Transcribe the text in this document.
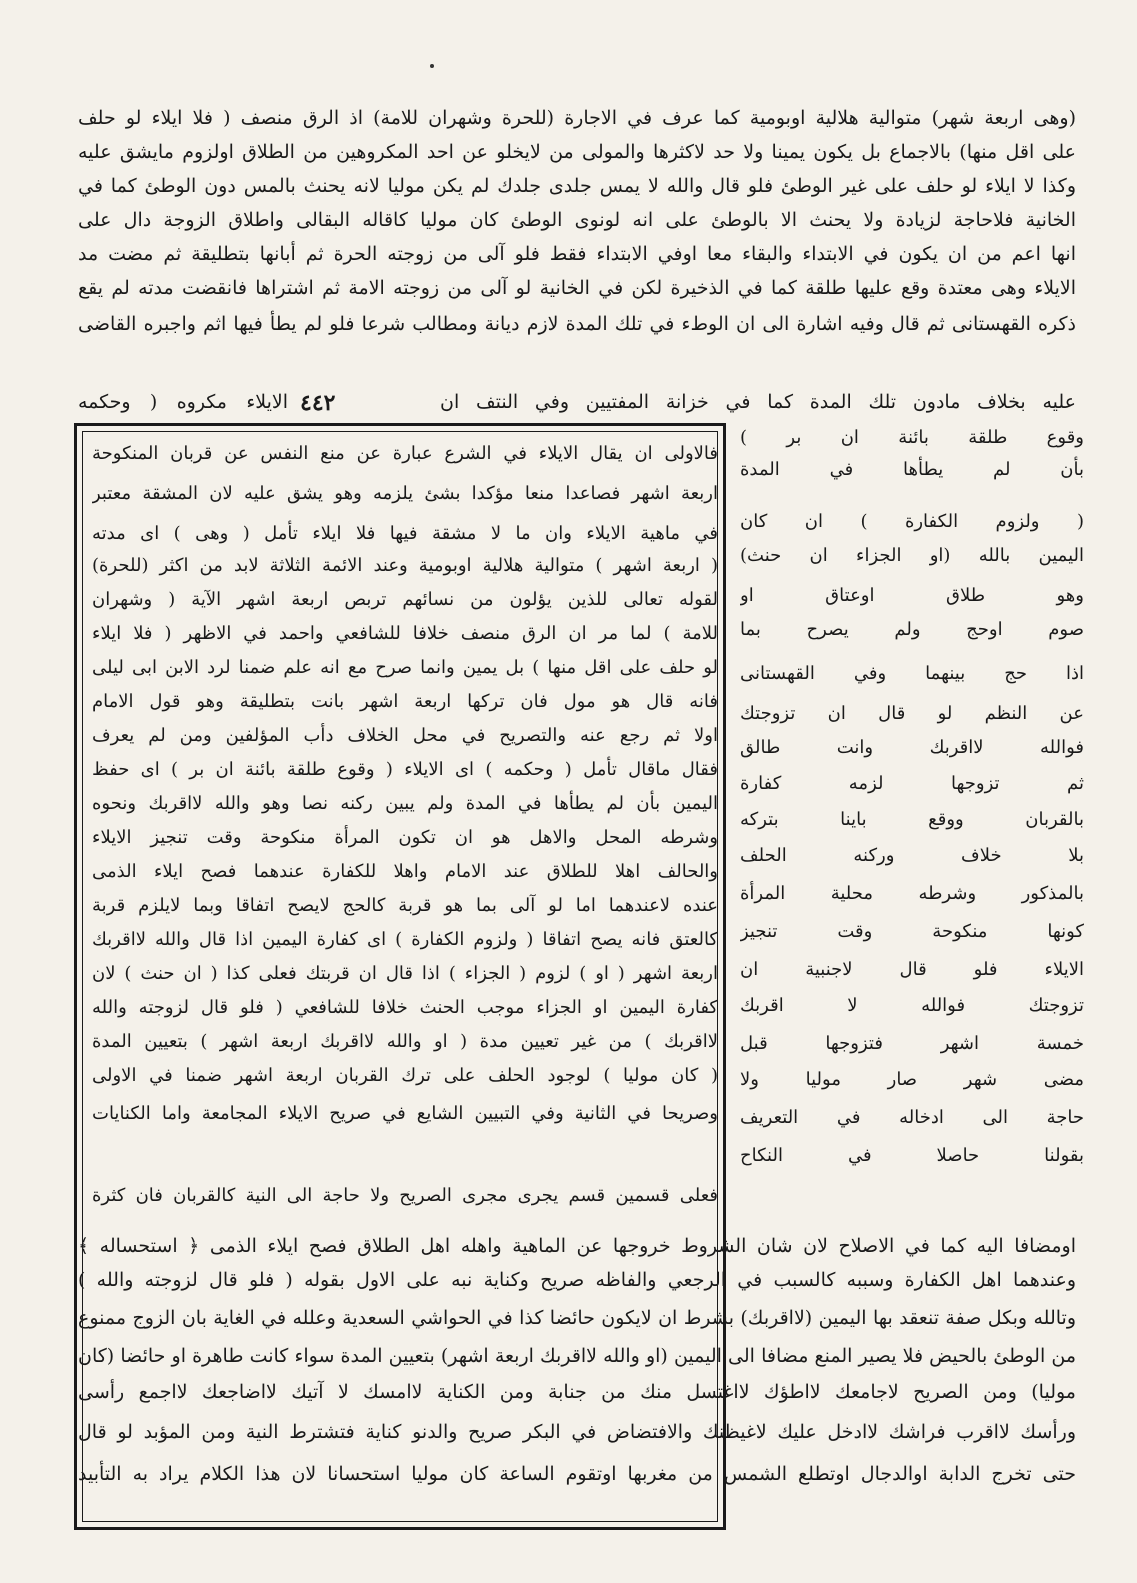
(وهى اربعة شهر) متوالية هلالية اوبومية كما عرف في الاجارة (للحرة وشهران للامة) اذ الرق منصف ( فلا ايلاء لو حلف
على اقل منها) بالاجماع بل يكون يمينا ولا حد لاكثرها والمولى من لايخلو عن احد المكروهين من الطلاق اولزوم مايشق عليه
وكذا لا ايلاء لو حلف على غير الوطئ فلو قال والله لا يمس جلدى جلدك لم يكن موليا لانه يحنث بالمس دون الوطئ كما في
الخانية فلاحاجة لزيادة ولا يحنث الا بالوطئ على انه لونوى الوطئ كان موليا كاقاله البقالى واطلاق الزوجة دال على
انها اعم من ان يكون في الابتداء والبقاء معا اوفي الابتداء فقط فلو آلى من زوجته الحرة ثم أبانها بتطليقة ثم مضت مد
الايلاء وهى معتدة وقع عليها طلقة كما في الذخيرة لكن في الخانية لو آلى من زوجته الامة ثم اشتراها فانقضت مدته لم يقع
ذكره القهستانى ثم قال وفيه اشارة الى ان الوطء في تلك المدة لازم ديانة ومطالب شرعا فلو لم يطأ فيها اثم واجبره القاضى
عليه بخلاف مادون تلك المدة كما في خزانة المفتيين وفي النتف ان
٤٤٢
الايلاء مكروه ( وحكمه
فالاولى ان يقال الايلاء في الشرع عبارة عن منع النفس عن قربان المنكوحة
اربعة اشهر فصاعدا منعا مؤكدا بشئ يلزمه وهو يشق عليه لان المشقة معتبر
في ماهية الايلاء وان ما لا مشقة فيها فلا ايلاء تأمل ( وهى ) اى مدته
( اربعة اشهر ) متوالية هلالية اوبومية وعند الائمة الثلاثة لابد من اكثر (للحرة)
لقوله تعالى للذين يؤلون من نسائهم تربص اربعة اشهر الآية ( وشهران
للامة ) لما مر ان الرق منصف خلافا للشافعي واحمد في الاظهر ( فلا ايلاء
لو حلف على اقل منها ) بل يمين وانما صرح مع انه علم ضمنا لرد الابن ابى ليلى
فانه قال هو مول فان تركها اربعة اشهر بانت بتطليقة وهو قول الامام
اولا ثم رجع عنه والتصريح في محل الخلاف دأب المؤلفين ومن لم يعرف
فقال ماقال تأمل ( وحكمه ) اى الايلاء ( وقوع طلقة بائنة ان بر ) اى حفظ
اليمين بأن لم يطأها في المدة ولم يبين ركنه نصا وهو والله لااقربك ونحوه
وشرطه المحل والاهل هو ان تكون المرأة منكوحة وقت تنجيز الايلاء
والحالف اهلا للطلاق عند الامام واهلا للكفارة عندهما فصح ايلاء الذمى
عنده لاعندهما اما لو آلى بما هو قربة كالحج لايصح اتفاقا وبما لايلزم قربة
كالعتق فانه يصح اتفاقا ( ولزوم الكفارة ) اى كفارة اليمين اذا قال والله لااقربك
اربعة اشهر ( او ) لزوم ( الجزاء ) اذا قال ان قربتك فعلى كذا ( ان حنث ) لان
كفارة اليمين او الجزاء موجب الحنث خلافا للشافعي ( فلو قال لزوجته والله
لااقربك ) من غير تعيين مدة ( او والله لااقربك اربعة اشهر ) بتعيين المدة
( كان موليا ) لوجود الحلف على ترك القربان اربعة اشهر ضمنا في الاولى
وصريحا في الثانية وفي التبيين الشايع في صريح الايلاء المجامعة واما الكنايات
فعلى قسمين قسم يجرى مجرى الصريح ولا حاجة الى النية كالقربان فان كثرة
وقوع طلقة بائنة ان بر )
بأن لم يطأها في المدة
( ولزوم الكفارة ) ان كان
اليمين بالله (او الجزاء ان حنث)
وهو طلاق اوعتاق او
صوم اوحج ولم يصرح بما
اذا حج بينهما وفي القهستانى
عن النظم لو قال ان تزوجتك
فوالله لااقربك وانت طالق
ثم تزوجها لزمه كفارة
بالقربان ووقع باينا بتركه
بلا خلاف وركنه الحلف
بالمذكور وشرطه محلية المرأة
كونها منكوحة وقت تنجيز
الايلاء فلو قال لاجنبية ان
تزوجتك فوالله لا اقربك
خمسة اشهر فتزوجها قبل
مضى شهر صار موليا ولا
حاجة الى ادخاله في التعريف
بقولنا حاصلا في النكاح
اومضافا اليه كما في الاصلاح لان شان الشروط خروجها عن الماهية واهله اهل الطلاق فصح ايلاء الذمى ﴿ استحساله ﴾
وعندهما اهل الكفارة وسببه كالسبب في الرجعي والفاظه صريح وكناية نبه على الاول بقوله ( فلو قال لزوجته والله )
وتالله وبكل صفة تنعقد بها اليمين (لااقربك) بشرط ان لايكون حائضا كذا في الحواشي السعدية وعلله في الغاية بان الزوج ممنوع
من الوطئ بالحيض فلا يصير المنع مضافا الى اليمين (او والله لااقربك اربعة اشهر) بتعيين المدة سواء كانت طاهرة او حائضا (كان
موليا) ومن الصريح لاجامعك لااطؤك لااغتسل منك من جنابة ومن الكناية لاامسك لا آتيك لااضاجعك لااجمع رأسى
ورأسك لااقرب فراشك لاادخل عليك لاغيظنك والافتضاض في البكر صريح والدنو كناية فتشترط النية ومن المؤبد لو قال
حتى تخرج الدابة اوالدجال اوتطلع الشمس من مغربها اوتقوم الساعة كان موليا استحسانا لان هذا الكلام يراد به التأبيد
